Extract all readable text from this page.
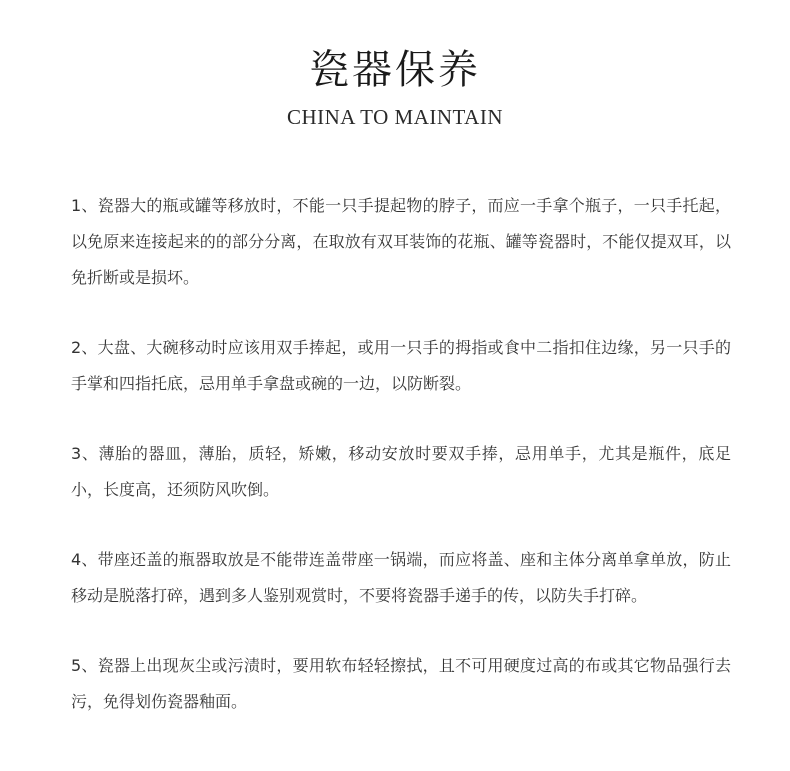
瓷器保养
CHINA TO MAINTAIN

1、瓷器大的瓶或罐等移放时，不能一只手提起物的脖子，而应一手拿个瓶子，一只手托起，以免原来连接起来的的部分分离，在取放有双耳装饰的花瓶、罐等瓷器时，不能仅提双耳，以免折断或是损坏。

2、大盘、大碗移动时应该用双手捧起，或用一只手的拇指或食中二指扣住边缘，另一只手的手掌和四指托底，忌用单手拿盘或碗的一边，以防断裂。

3、薄胎的器皿，薄胎，质轻，矫嫩，移动安放时要双手捧，忌用单手，尤其是瓶件，底足小，长度高，还须防风吹倒。

4、带座还盖的瓶器取放是不能带连盖带座一锅端，而应将盖、座和主体分离单拿单放，防止移动是脱落打碎，遇到多人鉴别观赏时，不要将瓷器手递手的传，以防失手打碎。

5、瓷器上出现灰尘或污渍时，要用软布轻轻擦拭，且不可用硬度过高的布或其它物品强行去污，免得划伤瓷器釉面。
